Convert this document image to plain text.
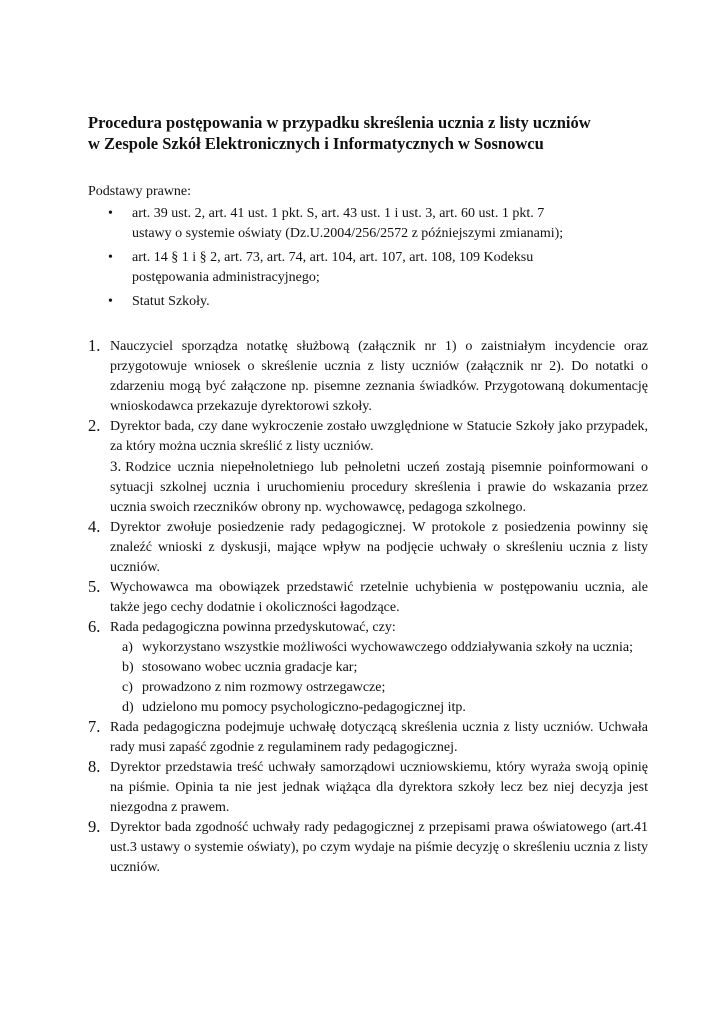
Procedura postępowania w przypadku skreślenia ucznia z listy uczniów
w Zespole Szkół Elektronicznych i Informatycznych w Sosnowcu

Podstawy prawne:

• art. 39 ust. 2, art. 41 ust. 1 pkt. S, art. 43 ust. 1 i ust. 3, art. 60 ust. 1 pkt. 7 ustawy o systemie oświaty (Dz.U.2004/256/2572 z późniejszymi zmianami);
• art. 14 § 1 i § 2, art. 73, art. 74, art. 104, art. 107, art. 108, 109 Kodeksu postępowania administracyjnego;
• Statut Szkoły.
1. Nauczyciel sporządza notatkę służbową (załącznik nr 1) o zaistniałym incydencie oraz przygotowuje wniosek o skreślenie ucznia z listy uczniów (załącznik nr 2). Do notatki o zdarzeniu mogą być załączone np. pisemne zeznania świadków. Przygotowaną dokumentację wnioskodawca przekazuje dyrektorowi szkoły.
2. Dyrektor bada, czy dane wykroczenie zostało uwzględnione w Statucie Szkoły jako przypadek, za który można ucznia skreślić z listy uczniów.
3. Rodzice ucznia niepełnoletniego lub pełnoletni uczeń zostają pisemnie poinformowani o sytuacji szkolnej ucznia i uruchomieniu procedury skreślenia i prawie do wskazania przez ucznia swoich rzeczników obrony np. wychowawcę, pedagoga szkolnego.
4. Dyrektor zwołuje posiedzenie rady pedagogicznej. W protokole z posiedzenia powinny się znaleźć wnioski z dyskusji, mające wpływ na podjęcie uchwały o skreśleniu ucznia z listy uczniów.
5. Wychowawca ma obowiązek przedstawić rzetelnie uchybienia w postępowaniu ucznia, ale także jego cechy dodatnie i okoliczności łagodzące.
6. Rada pedagogiczna powinna przedyskutować, czy:
a) wykorzystano wszystkie możliwości wychowawczego oddziaływania szkoły na ucznia;
b) stosowano wobec ucznia gradacje kar;
c) prowadzono z nim rozmowy ostrzegawcze;
d) udzielono mu pomocy psychologiczno-pedagogicznej itp.
7. Rada pedagogiczna podejmuje uchwałę dotyczącą skreślenia ucznia z listy uczniów. Uchwała rady musi zapaść zgodnie z regulaminem rady pedagogicznej.
8. Dyrektor przedstawia treść uchwały samorządowi uczniowskiemu, który wyraża swoją opinię na piśmie. Opinia ta nie jest jednak wiążąca dla dyrektora szkoły lecz bez niej decyzja jest niezgodna z prawem.
9. Dyrektor bada zgodność uchwały rady pedagogicznej z przepisami prawa oświatowego (art.41 ust.3 ustawy o systemie oświaty), po czym wydaje na piśmie decyzję o skreśleniu ucznia z listy uczniów.
